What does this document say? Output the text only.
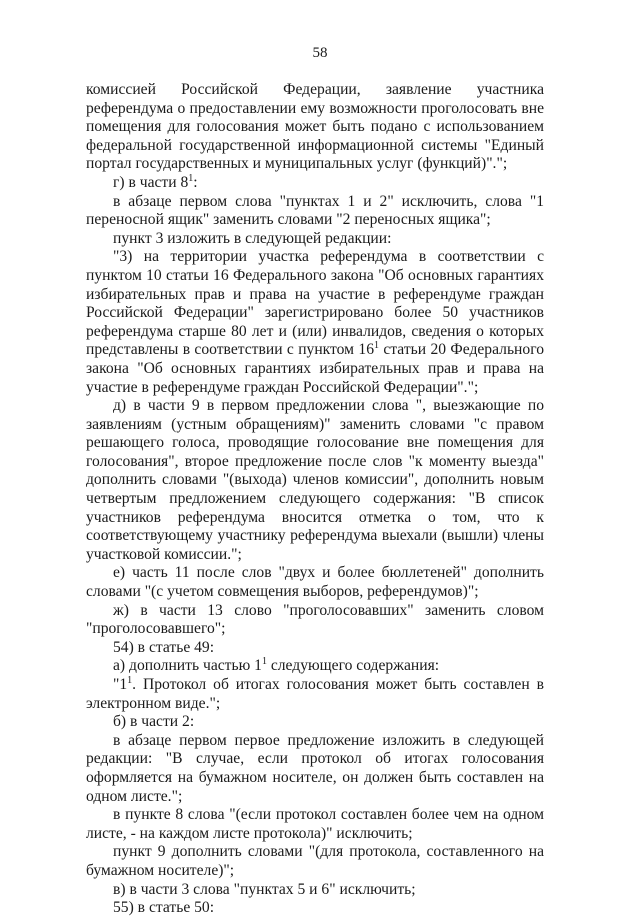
58

комиссией Российской Федерации, заявление участника референдума о предоставлении ему возможности проголосовать вне помещения для голосования может быть подано с использованием федеральной государственной информационной системы "Единый портал государственных и муниципальных услуг (функций)".";

г) в части $8^1$:

в абзаце первом слова "пунктах 1 и 2" исключить, слова "1 переносной ящик" заменить словами "2 переносных ящика";

пункт 3 изложить в следующей редакции:

"3) на территории участка референдума в соответствии с пунктом 10 статьи 16 Федерального закона "Об основных гарантиях избирательных прав и права на участие в референдуме граждан Российской Федерации" зарегистрировано более 50 участников референдума старше 80 лет и (или) инвалидов, сведения о которых представлены в соответствии с пунктом $16^1$ статьи 20 Федерального закона "Об основных гарантиях избирательных прав и права на участие в референдуме граждан Российской Федерации".";

д) в части 9 в первом предложении слова ", выезжающие по заявлениям (устным обращениям)" заменить словами "с правом решающего голоса, проводящие голосование вне помещения для голосования", второе предложение после слов "к моменту выезда" дополнить словами "(выхода) членов комиссии", дополнить новым четвертым предложением следующего содержания: "В список участников референдума вносится отметка о том, что к соответствующему участнику референдума выехали (вышли) члены участковой комиссии.";

е) часть 11 после слов "двух и более бюллетеней" дополнить словами "(с учетом совмещения выборов, референдумов)";

ж) в части 13 слово "проголосовавших" заменить словом "проголосовавшего";

54) в статье 49:

а) дополнить частью $1^1$ следующего содержания:

"$1^1$. Протокол об итогах голосования может быть составлен в электронном виде.";

б) в части 2:

в абзаце первом первое предложение изложить в следующей редакции: "В случае, если протокол об итогах голосования оформляется на бумажном носителе, он должен быть составлен на одном листе.";

в пункте 8 слова "(если протокол составлен более чем на одном листе, - на каждом листе протокола)" исключить;

пункт 9 дополнить словами "(для протокола, составленного на бумажном носителе)";

в) в части 3 слова "пунктах 5 и 6" исключить;

55) в статье 50:
